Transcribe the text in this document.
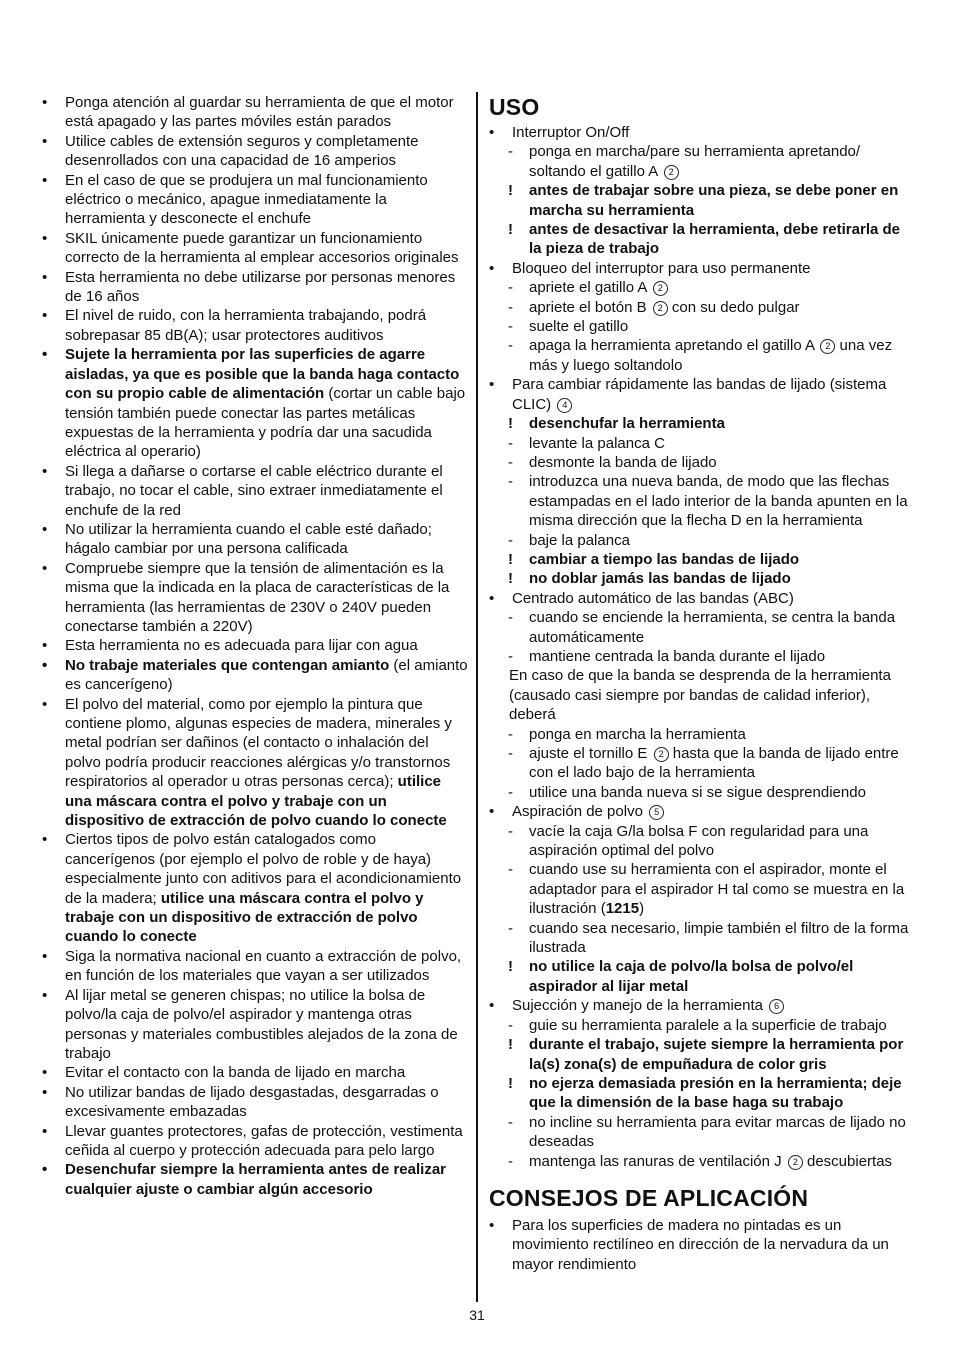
• Ponga atención al guardar su herramienta de que el motor está apagado y las partes móviles están parados
• Utilice cables de extensión seguros y completamente desenrollados con una capacidad de 16 amperios
• En el caso de que se produjera un mal funcionamiento eléctrico o mecánico, apague inmediatamente la herramienta y desconecte el enchufe
• SKIL únicamente puede garantizar un funcionamiento correcto de la herramienta al emplear accesorios originales
• Esta herramienta no debe utilizarse por personas menores de 16 años
• El nivel de ruido, con la herramienta trabajando, podrá sobrepasar 85 dB(A); usar protectores auditivos
• Sujete la herramienta por las superficies de agarre aisladas, ya que es posible que la banda haga contacto con su propio cable de alimentación (cortar un cable bajo tensión también puede conectar las partes metálicas expuestas de la herramienta y podría dar una sacudida eléctrica al operario)
• Si llega a dañarse o cortarse el cable eléctrico durante el trabajo, no tocar el cable, sino extraer inmediatamente el enchufe de la red
• No utilizar la herramienta cuando el cable esté dañado; hágalo cambiar por una persona calificada
• Compruebe siempre que la tensión de alimentación es la misma que la indicada en la placa de características de la herramienta (las herramientas de 230V o 240V pueden conectarse también a 220V)
• Esta herramienta no es adecuada para lijar con agua
• No trabaje materiales que contengan amianto (el amianto es cancerígeno)
• El polvo del material, como por ejemplo la pintura que contiene plomo, algunas especies de madera, minerales y metal podrían ser dañinos (el contacto o inhalación del polvo podría producir reacciones alérgicas y/o transtornos respiratorios al operador u otras personas cerca); utilice una máscara contra el polvo y trabaje con un dispositivo de extracción de polvo cuando lo conecte
• Ciertos tipos de polvo están catalogados como cancerígenos (por ejemplo el polvo de roble y de haya) especialmente junto con aditivos para el acondicionamiento de la madera; utilice una máscara contra el polvo y trabaje con un dispositivo de extracción de polvo cuando lo conecte
• Siga la normativa nacional en cuanto a extracción de polvo, en función de los materiales que vayan a ser utilizados
• Al lijar metal se generen chispas; no utilice la bolsa de polvo/la caja de polvo/el aspirador y mantenga otras personas y materiales combustibles alejados de la zona de trabajo
• Evitar el contacto con la banda de lijado en marcha
• No utilizar bandas de lijado desgastadas, desgarradas o excesivamente embazadas
• Llevar guantes protectores, gafas de protección, vestimenta ceñida al cuerpo y protección adecuada para pelo largo
• Desenchufar siempre la herramienta antes de realizar cualquier ajuste o cambiar algún accesorio
USO
• Interruptor On/Off
- ponga en marcha/pare su herramienta apretando/ soltando el gatillo A 2
! antes de trabajar sobre una pieza, se debe poner en marcha su herramienta
! antes de desactivar la herramienta, debe retirarla de la pieza de trabajo
• Bloqueo del interruptor para uso permanente
- apriete el gatillo A 2
- apriete el botón B 2 con su dedo pulgar
- suelte el gatillo
- apaga la herramienta apretando el gatillo A 2 una vez más y luego soltandolo
• Para cambiar rápidamente las bandas de lijado (sistema CLIC) 4
! desenchufar la herramienta
- levante la palanca C
- desmonte la banda de lijado
- introduzca una nueva banda, de modo que las flechas estampadas en el lado interior de la banda apunten en la misma dirección que la flecha D en la herramienta
- baje la palanca
! cambiar a tiempo las bandas de lijado
! no doblar jamás las bandas de lijado
• Centrado automático de las bandas (ABC)
- cuando se enciende la herramienta, se centra la banda automáticamente
- mantiene centrada la banda durante el lijado
En caso de que la banda se desprenda de la herramienta (causado casi siempre por bandas de calidad inferior), deberá
- ponga en marcha la herramienta
- ajuste el tornillo E 2 hasta que la banda de lijado entre con el lado bajo de la herramienta
- utilice una banda nueva si se sigue desprendiendo
• Aspiración de polvo 5
- vacíe la caja G/la bolsa F con regularidad para una aspiración optimal del polvo
- cuando use su herramienta con el aspirador, monte el adaptador para el aspirador H tal como se muestra en la ilustración (1215)
- cuando sea necesario, limpie también el filtro de la forma ilustrada
! no utilice la caja de polvo/la bolsa de polvo/el aspirador al lijar metal
• Sujección y manejo de la herramienta 6
- guie su herramienta paralele a la superficie de trabajo
! durante el trabajo, sujete siempre la herramienta por la(s) zona(s) de empuñadura de color gris
! no ejerza demasiada presión en la herramienta; deje que la dimensión de la base haga su trabajo
- no incline su herramienta para evitar marcas de lijado no deseadas
- mantenga las ranuras de ventilación J 2 descubiertas
CONSEJOS DE APLICACIÓN
• Para los superficies de madera no pintadas es un movimiento rectilíneo en dirección de la nervadura da un mayor rendimiento
31
